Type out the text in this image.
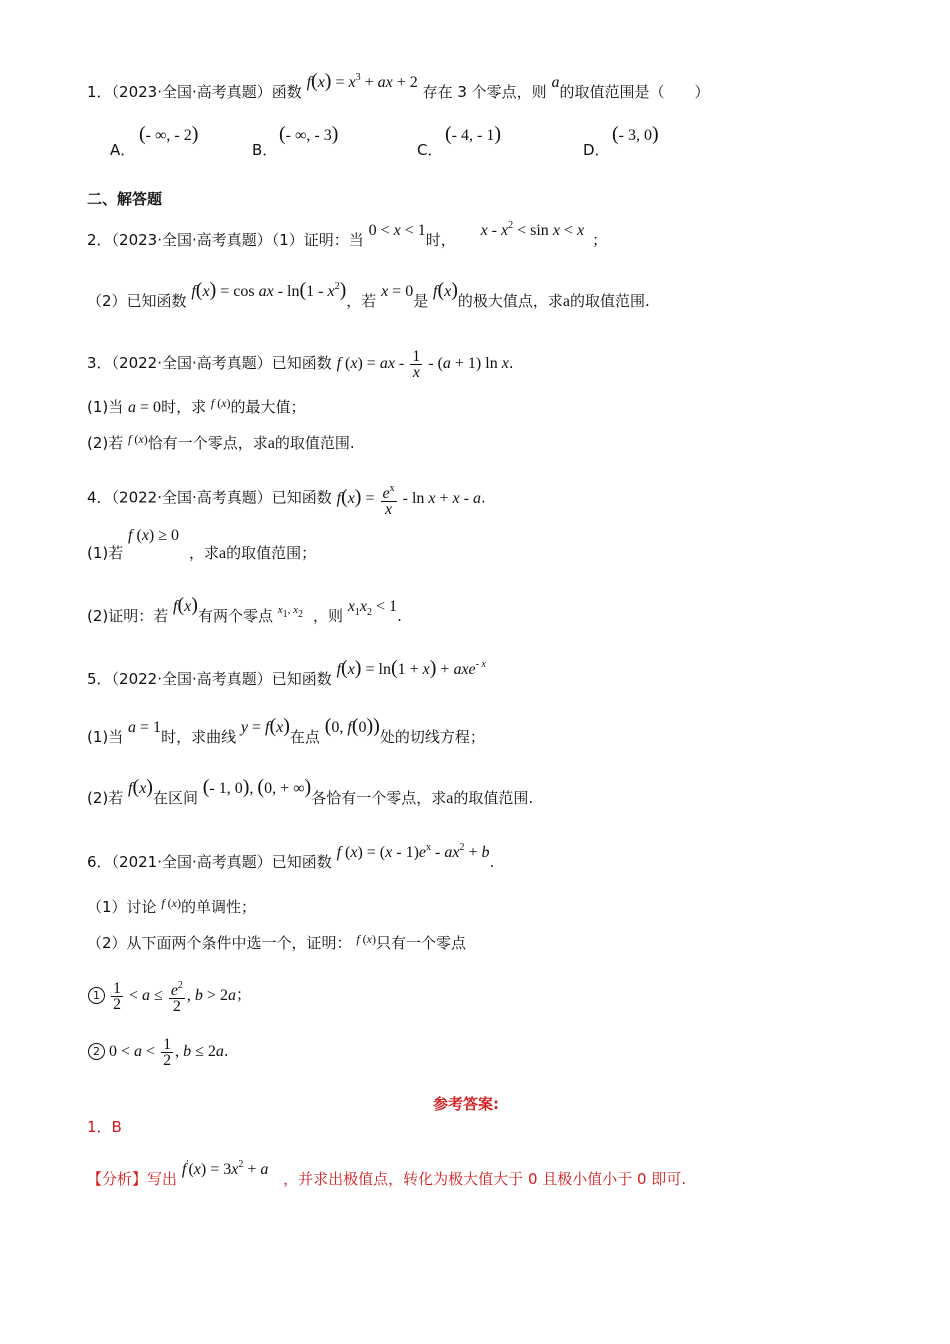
1．（2023·全国·高考真题）函数 $f(x) = x^3$ + ax + 2 存在 3 个零点，则 a的取值范围是（　　）
A．
(- ∞, - 2)
B．
(- ∞, - 3)
C．
(- 4, - 1)
D．
(- 3, 0)
二、解答题
2．（2023·全国·高考真题）（1）证明：当 0 < x < 1时， $x - x^2 < \sin x < x$；
（2）已知函数 f(x) = cos ax - $\ln(1 - x^2)$，若 x = 0是 f(x)的极大值点，求a的取值范围.
3．（2022·全国·高考真题）已知函数 f (x) = ax - $\frac{1}{x} - (a + 1)$ ln x.
(1)当 a = 0时，求 $^{f (x)}$的最大值；
(2)若 $^{f (x)}$恰有一个零点，求a的取值范围.
4．（2022·全国·高考真题）已知函数 $f(x) = \frac{e^x}{x} - \ln x + x - a$.
(1)若 f (x) ≥ 0，求a的取值范围；
(2)证明：若 f(x)有两个零点 $^{x1, x2}$ ，则 $x_1x_2 < 1$.
5．（2022·全国·高考真题）已知函数 f(x) = ln(1 + x) + axe$^{- x}$
(1)当 a = 1时，求曲线 y = f(x)在点 (0, f(0))处的切线方程；
(2)若 f(x)在区间 (- 1, 0), (0, + ∞)各恰有一个零点，求a的取值范围.
6．（2021·全国·高考真题）已知函数 f $(x) = (x - 1)e^x - ax^2 + b$.
（1）讨论 $^{f (x)}$的单调性；
（2）从下面两个条件中选一个，证明： $^{f (x)}$只有一个零点
$1 \frac{1}{2} < a \le \frac{e^2}{2}$ , b > 2a；
2 $0 < a < \frac{1}{2}$ , b ≤ 2a.
参考答案:
1．B
【分析】写出 $f'(x) = 3x^2 + a$ ，并求出极值点，转化为极大值大于 0 且极小值小于 0 即可.
